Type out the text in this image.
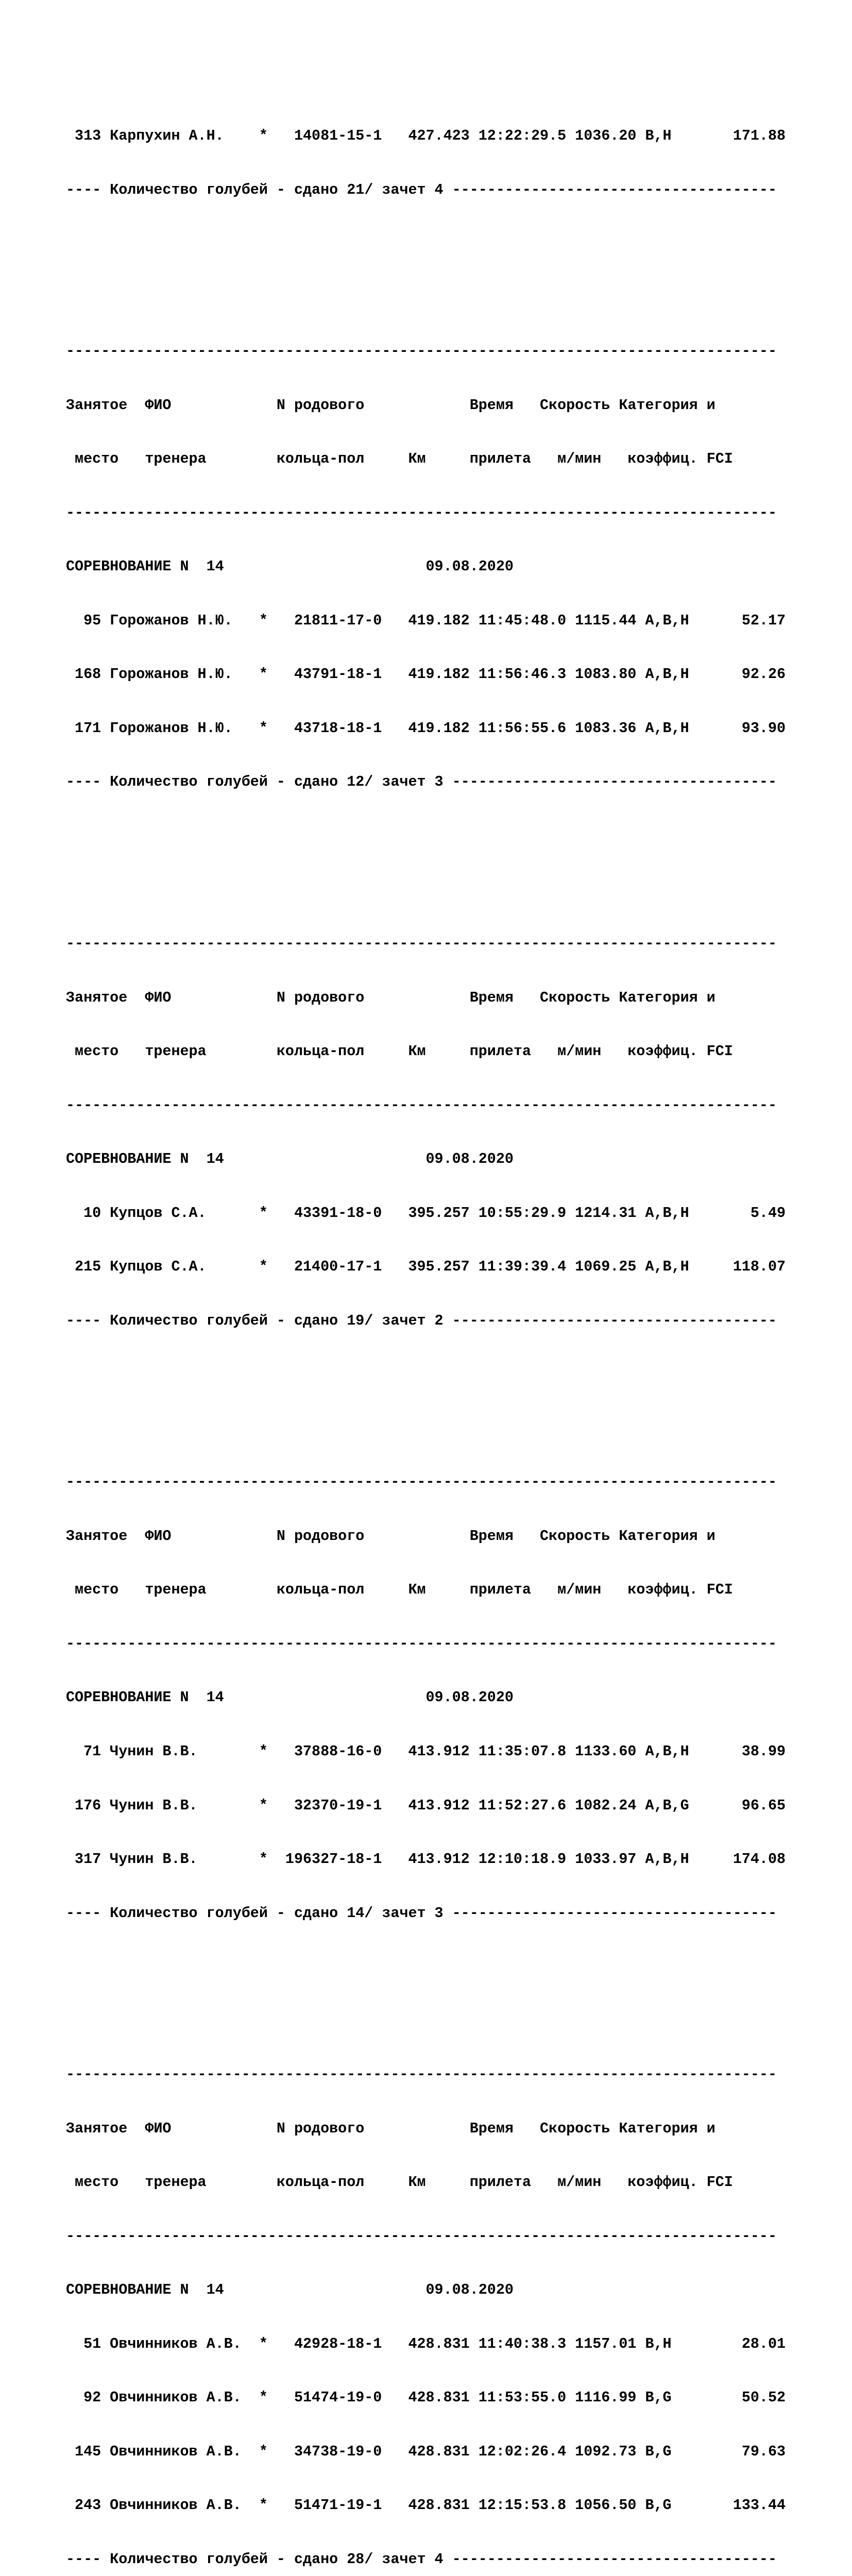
313 Карпухин А.Н.    *   14081-15-1   427.423 12:22:29.5 1036.20 B,H       171.88

---- Количество голубей - сдано 21/ зачет 4 -------------------------------------

---------------------------------------------------------------------------------

Занятое  ФИО            N родового            Время   Скорость Категория и

место   тренера        кольца-пол     Км     прилета   м/мин   коэффиц. FCI

---------------------------------------------------------------------------------

СОРЕВНОВАНИЕ N  14                       09.08.2020

95 Горожанов Н.Ю.   *   21811-17-0   419.182 11:45:48.0 1115.44 A,B,H      52.17

168 Горожанов Н.Ю.   *   43791-18-1   419.182 11:56:46.3 1083.80 A,B,H      92.26

171 Горожанов Н.Ю.   *   43718-18-1   419.182 11:56:55.6 1083.36 A,B,H      93.90

---- Количество голубей - сдано 12/ зачет 3 -------------------------------------

---------------------------------------------------------------------------------

Занятое  ФИО            N родового            Время   Скорость Категория и

место   тренера        кольца-пол     Км     прилета   м/мин   коэффиц. FCI

---------------------------------------------------------------------------------

СОРЕВНОВАНИЕ N  14                       09.08.2020

10 Купцов С.А.      *   43391-18-0   395.257 10:55:29.9 1214.31 A,B,H       5.49

215 Купцов С.А.      *   21400-17-1   395.257 11:39:39.4 1069.25 A,B,H     118.07

---- Количество голубей - сдано 19/ зачет 2 -------------------------------------

---------------------------------------------------------------------------------

Занятое  ФИО            N родового            Время   Скорость Категория и

место   тренера        кольца-пол     Км     прилета   м/мин   коэффиц. FCI

---------------------------------------------------------------------------------

СОРЕВНОВАНИЕ N  14                       09.08.2020

71 Чунин В.В.       *   37888-16-0   413.912 11:35:07.8 1133.60 A,B,H      38.99

176 Чунин В.В.       *   32370-19-1   413.912 11:52:27.6 1082.24 A,B,G      96.65

317 Чунин В.В.       *  196327-18-1   413.912 12:10:18.9 1033.97 A,B,H     174.08

---- Количество голубей - сдано 14/ зачет 3 -------------------------------------

---------------------------------------------------------------------------------

Занятое  ФИО            N родового            Время   Скорость Категория и

место   тренера        кольца-пол     Км     прилета   м/мин   коэффиц. FCI

---------------------------------------------------------------------------------

СОРЕВНОВАНИЕ N  14                       09.08.2020

51 Овчинников А.В.  *   42928-18-1   428.831 11:40:38.3 1157.01 B,H        28.01

92 Овчинников А.В.  *   51474-19-0   428.831 11:53:55.0 1116.99 B,G        50.52

145 Овчинников А.В.  *   34738-19-0   428.831 12:02:26.4 1092.73 B,G        79.63

243 Овчинников А.В.  *   51471-19-1   428.831 12:15:53.8 1056.50 B,G       133.44

---- Количество голубей - сдано 28/ зачет 4 -------------------------------------
